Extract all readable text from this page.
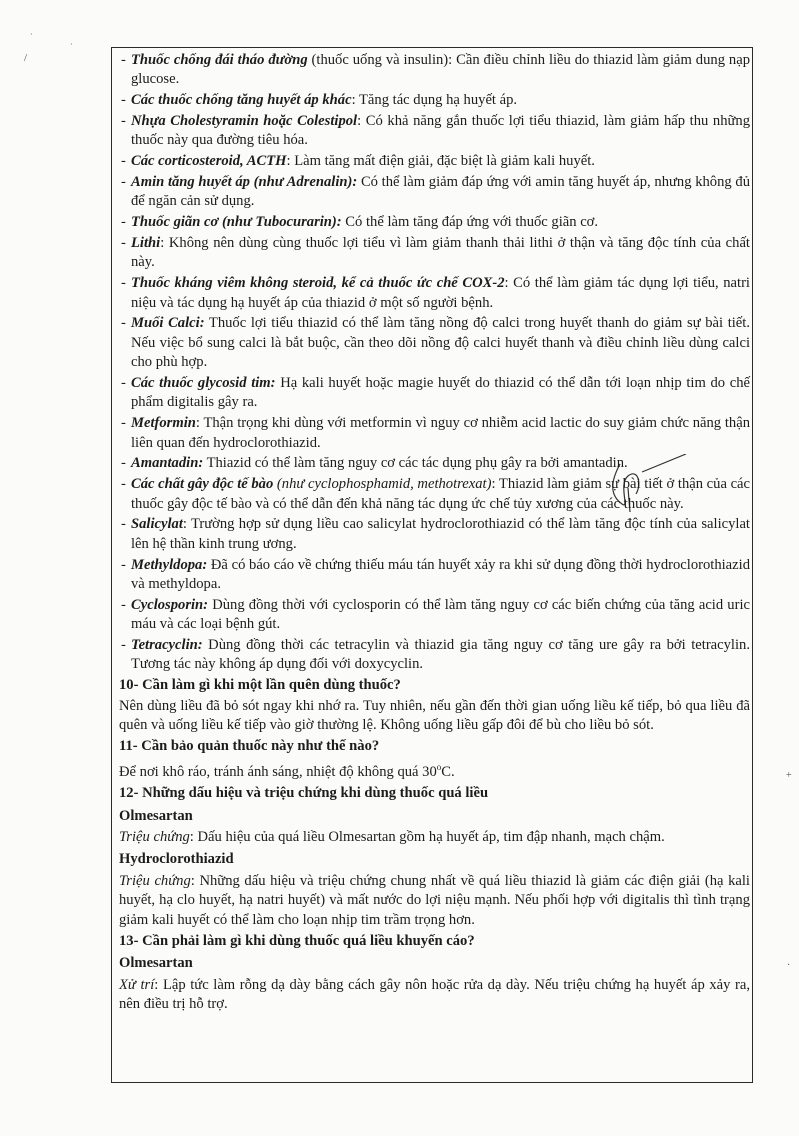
/
·
·
+
·
- Thuốc chống đái tháo đường (thuốc uống và insulin): Cần điều chỉnh liều do thiazid làm giảm dung nạp glucose.
- Các thuốc chống tăng huyết áp khác: Tăng tác dụng hạ huyết áp.
- Nhựa Cholestyramin hoặc Colestipol: Có khả năng gắn thuốc lợi tiểu thiazid, làm giảm hấp thu những thuốc này qua đường tiêu hóa.
- Các corticosteroid, ACTH: Làm tăng mất điện giải, đặc biệt là giảm kali huyết.
- Amin tăng huyết áp (như Adrenalin): Có thể làm giảm đáp ứng với amin tăng huyết áp, nhưng không đủ để ngăn cản sử dụng.
- Thuốc giãn cơ (như Tubocurarin): Có thể làm tăng đáp ứng với thuốc giãn cơ.
- Lithi: Không nên dùng cùng thuốc lợi tiểu vì làm giảm thanh thải lithi ở thận và tăng độc tính của chất này.
- Thuốc kháng viêm không steroid, kể cả thuốc ức chế COX-2: Có thể làm giảm tác dụng lợi tiểu, natri niệu và tác dụng hạ huyết áp của thiazid ở một số người bệnh.
- Muối Calci: Thuốc lợi tiểu thiazid có thể làm tăng nồng độ calci trong huyết thanh do giảm sự bài tiết. Nếu việc bổ sung calci là bắt buộc, cần theo dõi nồng độ calci huyết thanh và điều chỉnh liều dùng calci cho phù hợp.
- Các thuốc glycosid tim: Hạ kali huyết hoặc magie huyết do thiazid có thể dẫn tới loạn nhịp tim do chế phẩm digitalis gây ra.
- Metformin: Thận trọng khi dùng với metformin vì nguy cơ nhiễm acid lactic do suy giảm chức năng thận liên quan đến hydroclorothiazid.
- Amantadin: Thiazid có thể làm tăng nguy cơ các tác dụng phụ gây ra bởi amantadin.
- Các chất gây độc tế bào (như cyclophosphamid, methotrexat): Thiazid làm giảm sự bài tiết ở thận của các thuốc gây độc tế bào và có thể dẫn đến khả năng tác dụng ức chế tủy xương của các thuốc này.
- Salicylat: Trường hợp sử dụng liều cao salicylat hydroclorothiazid có thể làm tăng độc tính của salicylat lên hệ thần kinh trung ương.
- Methyldopa: Đã có báo cáo về chứng thiếu máu tán huyết xảy ra khi sử dụng đồng thời hydroclorothiazid và methyldopa.
- Cyclosporin: Dùng đồng thời với cyclosporin có thể làm tăng nguy cơ các biến chứng của tăng acid uric máu và các loại bệnh gút.
- Tetracyclin: Dùng đồng thời các tetracylin và thiazid gia tăng nguy cơ tăng ure gây ra bởi tetracylin. Tương tác này không áp dụng đối với doxycyclin.
10- Cần làm gì khi một lần quên dùng thuốc?
Nên dùng liều đã bỏ sót ngay khi nhớ ra. Tuy nhiên, nếu gần đến thời gian uống liều kế tiếp, bỏ qua liều đã quên và uống liều kế tiếp vào giờ thường lệ. Không uống liều gấp đôi để bù cho liều bỏ sót.
11- Cần bảo quản thuốc này như thế nào?
Để nơi khô ráo, tránh ánh sáng, nhiệt độ không quá 30$^o$C.
12- Những dấu hiệu và triệu chứng khi dùng thuốc quá liều
Olmesartan
Triệu chứng: Dấu hiệu của quá liều Olmesartan gồm hạ huyết áp, tim đập nhanh, mạch chậm.
Hydroclorothiazid
Triệu chứng: Những dấu hiệu và triệu chứng chung nhất về quá liều thiazid là giảm các điện giải (hạ kali huyết, hạ clo huyết, hạ natri huyết) và mất nước do lợi niệu mạnh. Nếu phối hợp với digitalis thì tình trạng giảm kali huyết có thể làm cho loạn nhịp tim trầm trọng hơn.
13- Cần phải làm gì khi dùng thuốc quá liều khuyến cáo?
Olmesartan
Xử trí: Lập tức làm rỗng dạ dày bằng cách gây nôn hoặc rửa dạ dày. Nếu triệu chứng hạ huyết áp xảy ra, nên điều trị hỗ trợ.
